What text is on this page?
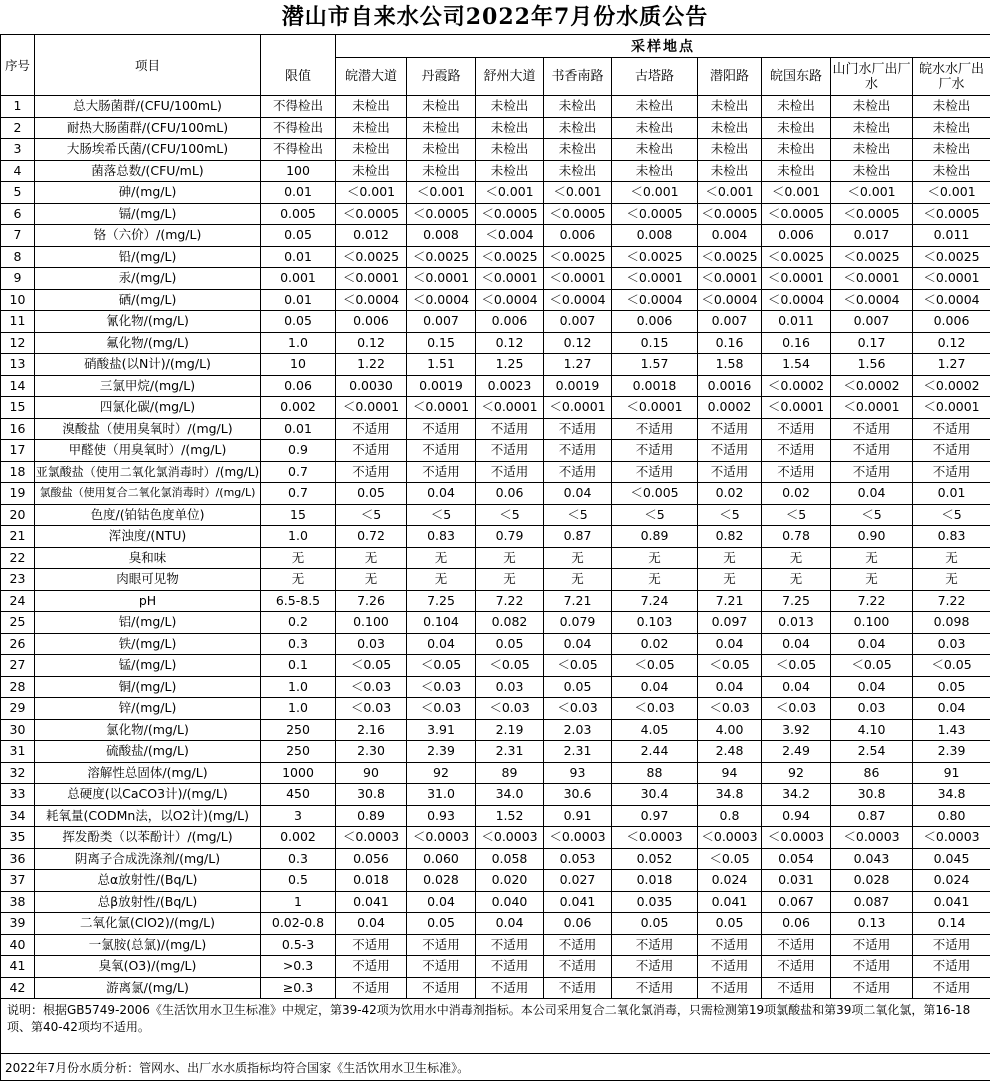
潜山市自来水公司2022年7月份水质公告
序号	项目		采样地点								
		限值	皖潜大道	丹霞路	舒州大道	书香南路	古塔路	潜阳路	皖国东路	山门水厂出厂水	皖水水厂出厂水
1	总大肠菌群/(CFU/100mL)	不得检出	未检出	未检出	未检出	未检出	未检出	未检出	未检出	未检出	未检出
2	耐热大肠菌群/(CFU/100mL)	不得检出	未检出	未检出	未检出	未检出	未检出	未检出	未检出	未检出	未检出
3	大肠埃希氏菌/(CFU/100mL)	不得检出	未检出	未检出	未检出	未检出	未检出	未检出	未检出	未检出	未检出
4	菌落总数/(CFU/mL)	100	未检出	未检出	未检出	未检出	未检出	未检出	未检出	未检出	未检出
5	砷/(mg/L)	0.01	＜0.001	＜0.001	＜0.001	＜0.001	＜0.001	＜0.001	＜0.001	＜0.001	＜0.001
6	镉/(mg/L)	0.005	＜0.0005	＜0.0005	＜0.0005	＜0.0005	＜0.0005	＜0.0005	＜0.0005	＜0.0005	＜0.0005
7	铬（六价）/(mg/L)	0.05	0.012	0.008	＜0.004	0.006	0.008	0.004	0.006	0.017	0.011
8	铅/(mg/L)	0.01	＜0.0025	＜0.0025	＜0.0025	＜0.0025	＜0.0025	＜0.0025	＜0.0025	＜0.0025	＜0.0025
9	汞/(mg/L)	0.001	＜0.0001	＜0.0001	＜0.0001	＜0.0001	＜0.0001	＜0.0001	＜0.0001	＜0.0001	＜0.0001
10	硒/(mg/L)	0.01	＜0.0004	＜0.0004	＜0.0004	＜0.0004	＜0.0004	＜0.0004	＜0.0004	＜0.0004	＜0.0004
11	氰化物/(mg/L)	0.05	0.006	0.007	0.006	0.007	0.006	0.007	0.011	0.007	0.006
12	氟化物/(mg/L)	1.0	0.12	0.15	0.12	0.12	0.15	0.16	0.16	0.17	0.12
13	硝酸盐(以N计)/(mg/L)	10	1.22	1.51	1.25	1.27	1.57	1.58	1.54	1.56	1.27
14	三氯甲烷/(mg/L)	0.06	0.0030	0.0019	0.0023	0.0019	0.0018	0.0016	＜0.0002	＜0.0002	＜0.0002
15	四氯化碳/(mg/L)	0.002	＜0.0001	＜0.0001	＜0.0001	＜0.0001	＜0.0001	0.0002	＜0.0001	＜0.0001	＜0.0001
16	溴酸盐（使用臭氧时）/(mg/L)	0.01	不适用	不适用	不适用	不适用	不适用	不适用	不适用	不适用	不适用
17	甲醛使（用臭氧时）/(mg/L)	0.9	不适用	不适用	不适用	不适用	不适用	不适用	不适用	不适用	不适用
18	亚氯酸盐（使用二氧化氯消毒时）/(mg/L)	0.7	不适用	不适用	不适用	不适用	不适用	不适用	不适用	不适用	不适用
19	氯酸盐（使用复合二氧化氯消毒时）/(mg/L)	0.7	0.05	0.04	0.06	0.04	＜0.005	0.02	0.02	0.04	0.01
20	色度/(铂钴色度单位)	15	＜5	＜5	＜5	＜5	＜5	＜5	＜5	＜5	＜5
21	浑浊度/(NTU)	1.0	0.72	0.83	0.79	0.87	0.89	0.82	0.78	0.90	0.83
22	臭和味	无	无	无	无	无	无	无	无	无	无
23	肉眼可见物	无	无	无	无	无	无	无	无	无	无
24	pH	6.5-8.5	7.26	7.25	7.22	7.21	7.24	7.21	7.25	7.22	7.22
25	铝/(mg/L)	0.2	0.100	0.104	0.082	0.079	0.103	0.097	0.013	0.100	0.098
26	铁/(mg/L)	0.3	0.03	0.04	0.05	0.04	0.02	0.04	0.04	0.04	0.03
27	锰/(mg/L)	0.1	＜0.05	＜0.05	＜0.05	＜0.05	＜0.05	＜0.05	＜0.05	＜0.05	＜0.05
28	铜/(mg/L)	1.0	＜0.03	＜0.03	0.03	0.05	0.04	0.04	0.04	0.04	0.05
29	锌/(mg/L)	1.0	＜0.03	＜0.03	＜0.03	＜0.03	＜0.03	＜0.03	＜0.03	0.03	0.04
30	氯化物/(mg/L)	250	2.16	3.91	2.19	2.03	4.05	4.00	3.92	4.10	1.43
31	硫酸盐/(mg/L)	250	2.30	2.39	2.31	2.31	2.44	2.48	2.49	2.54	2.39
32	溶解性总固体/(mg/L)	1000	90	92	89	93	88	94	92	86	91
33	总硬度(以CaCO3计)/(mg/L)	450	30.8	31.0	34.0	30.6	30.4	34.8	34.2	30.8	34.8
34	耗氧量(CODMn法，以O2计)(mg/L)	3	0.89	0.93	1.52	0.91	0.97	0.8	0.94	0.87	0.80
35	挥发酚类（以苯酚计）/(mg/L)	0.002	＜0.0003	＜0.0003	＜0.0003	＜0.0003	＜0.0003	＜0.0003	＜0.0003	＜0.0003	＜0.0003
36	阴离子合成洗涤剂/(mg/L)	0.3	0.056	0.060	0.058	0.053	0.052	＜0.05	0.054	0.043	0.045
37	总α放射性/(Bq/L)	0.5	0.018	0.028	0.020	0.027	0.018	0.024	0.031	0.028	0.024
38	总β放射性/(Bq/L)	1	0.041	0.04	0.040	0.041	0.035	0.041	0.067	0.087	0.041
39	二氧化氯(ClO2)/(mg/L)	0.02-0.8	0.04	0.05	0.04	0.06	0.05	0.05	0.06	0.13	0.14
40	一氯胺(总氯)/(mg/L)	0.5-3	不适用	不适用	不适用	不适用	不适用	不适用	不适用	不适用	不适用
41	臭氧(O3)/(mg/L)	>0.3	不适用	不适用	不适用	不适用	不适用	不适用	不适用	不适用	不适用
42	游离氯/(mg/L)	≥0.3	不适用	不适用	不适用	不适用	不适用	不适用	不适用	不适用	不适用
说明：根据GB5749-2006《生活饮用水卫生标准》中规定，第39-42项为饮用水中消毒剂指标。本公司采用复合二氧化氯消毒，只需检测第19项氯酸盐和第39项二氧化氯，第16-18项、第40-42项均不适用。											
2022年7月份水质分析：管网水、出厂水水质指标均符合国家《生活饮用水卫生标准》。											
